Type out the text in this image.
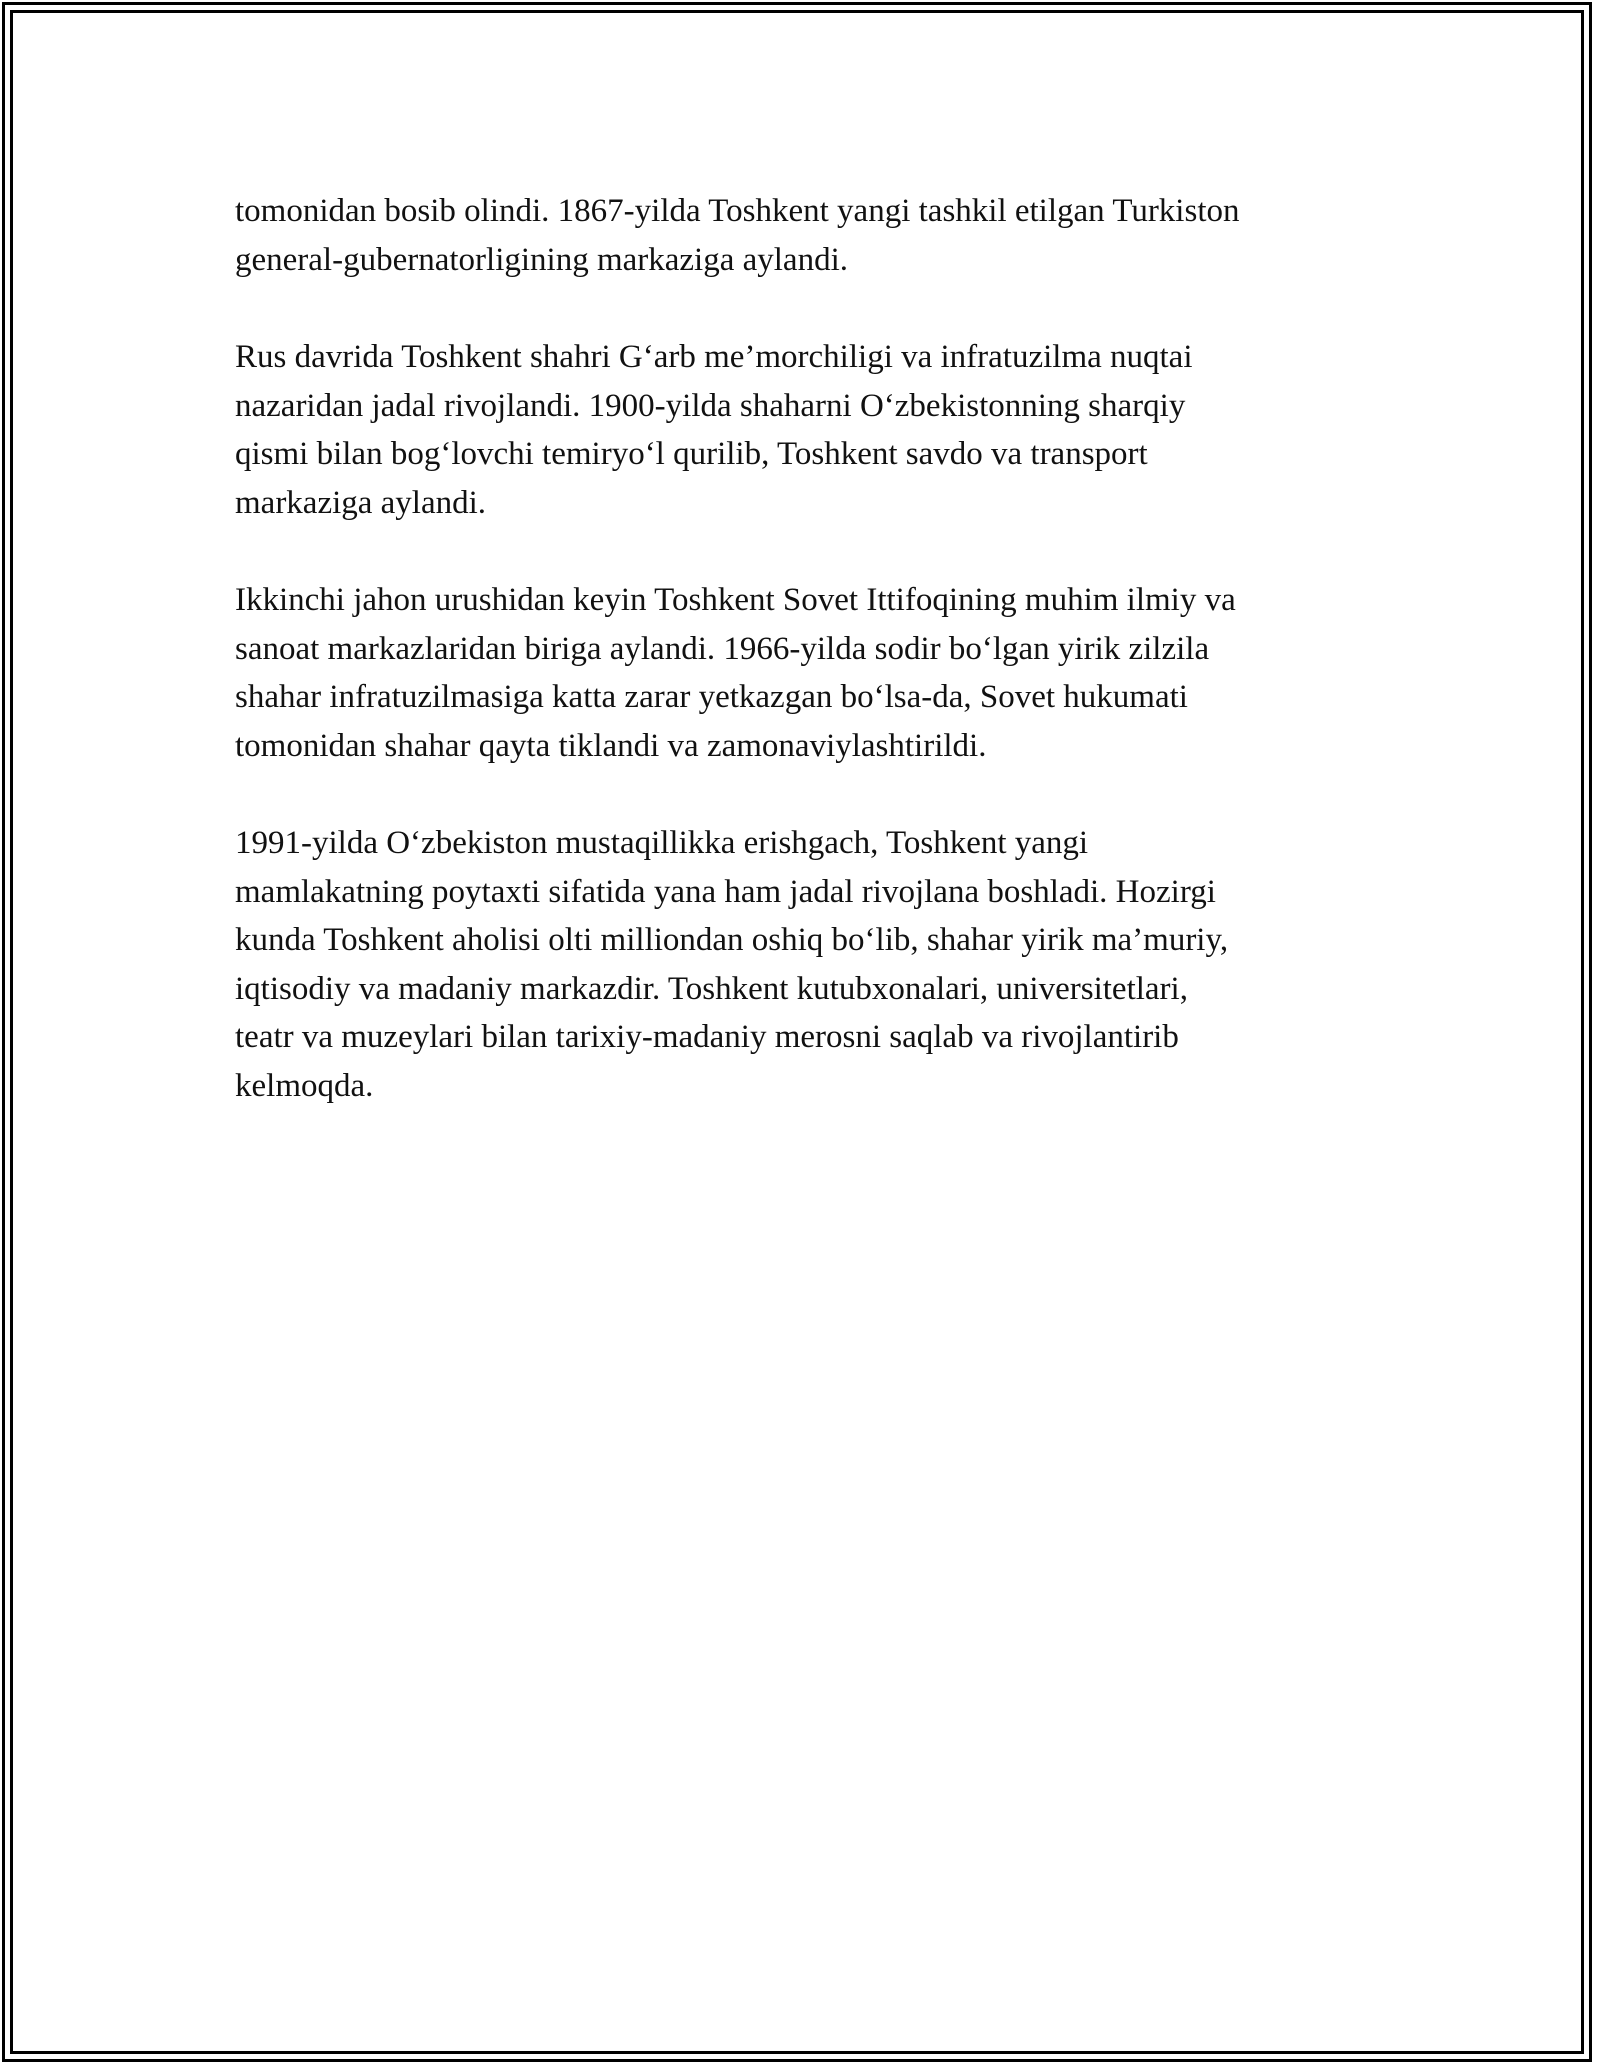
tomonidan bosib olindi. 1867-yilda Toshkent yangi tashkil etilgan Turkiston
general-gubernatorligining markaziga aylandi.

Rus davrida Toshkent shahri G‘arb me’morchiligi va infratuzilma nuqtai
nazaridan jadal rivojlandi. 1900-yilda shaharni O‘zbekistonning sharqiy
qismi bilan bog‘lovchi temiryo‘l qurilib, Toshkent savdo va transport
markaziga aylandi.

Ikkinchi jahon urushidan keyin Toshkent Sovet Ittifoqining muhim ilmiy va
sanoat markazlaridan biriga aylandi. 1966-yilda sodir bo‘lgan yirik zilzila
shahar infratuzilmasiga katta zarar yetkazgan bo‘lsa-da, Sovet hukumati
tomonidan shahar qayta tiklandi va zamonaviylashtirildi.

1991-yilda O‘zbekiston mustaqillikka erishgach, Toshkent yangi
mamlakatning poytaxti sifatida yana ham jadal rivojlana boshladi. Hozirgi
kunda Toshkent aholisi olti milliondan oshiq bo‘lib, shahar yirik ma’muriy,
iqtisodiy va madaniy markazdir. Toshkent kutubxonalari, universitetlari,
teatr va muzeylari bilan tarixiy-madaniy merosni saqlab va rivojlantirib
kelmoqda.
